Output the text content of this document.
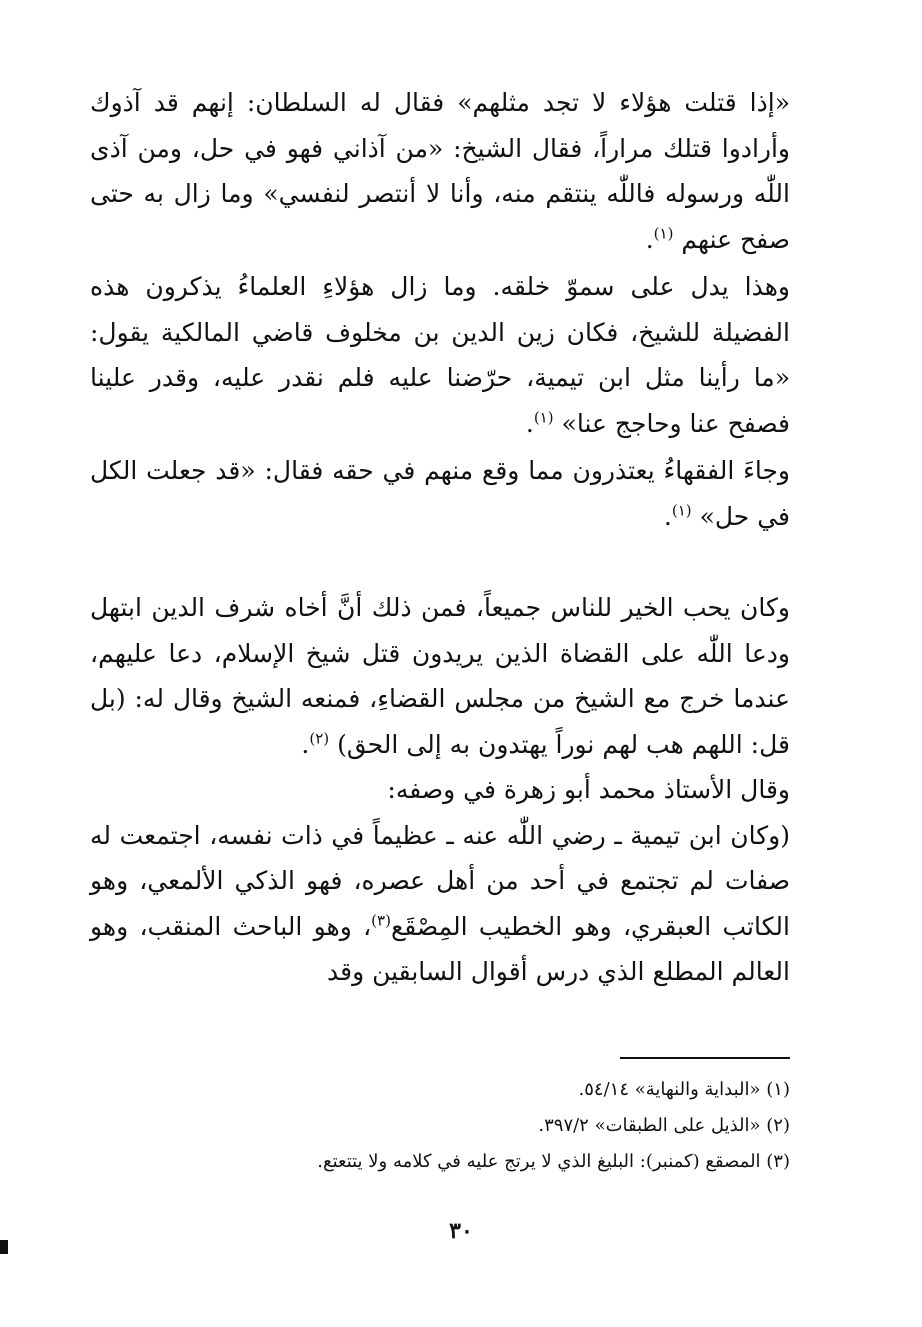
«إذا قتلت هؤلاء لا تجد مثلهم» فقال له السلطان: إنهم قد آذوك وأرادوا قتلك مراراً، فقال الشيخ: «من آذاني فهو في حل، ومن آذى اللّٰه ورسوله فاللّٰه ينتقم منه، وأنا لا أنتصر لنفسي» وما زال به حتى صفح عنهم $^{(١)}$.

وهذا يدل على سموّ خلقه. وما زال هؤلاءِ العلماءُ يذكرون هذه الفضيلة للشيخ، فكان زين الدين بن مخلوف قاضي المالكية يقول: «ما رأينا مثل ابن تيمية، حرّضنا عليه فلم نقدر عليه، وقدر علينا فصفح عنا وحاجج عنا» $^{(١)}$.

وجاءَ الفقهاءُ يعتذرون مما وقع منهم في حقه فقال: «قد جعلت الكل في حل» $^{(١)}$.

وكان يحب الخير للناس جميعاً، فمن ذلك أنَّ أخاه شرف الدين ابتهل ودعا اللّٰه على القضاة الذين يريدون قتل شيخ الإسلام، دعا عليهم، عندما خرج مع الشيخ من مجلس القضاءِ، فمنعه الشيخ وقال له: (بل قل: اللهم هب لهم نوراً يهتدون به إلى الحق) $^{(٢)}$.

وقال الأستاذ محمد أبو زهرة في وصفه:

(وكان ابن تيمية ـ رضي اللّٰه عنه ـ عظيماً في ذات نفسه، اجتمعت له صفات لم تجتمع في أحد من أهل عصره، فهو الذكي الألمعي، وهو الكاتب العبقري، وهو الخطيب المِصْقَع$^{(٣)}$، وهو الباحث المنقب، وهو العالم المطلع الذي درس أقوال السابقين وقد

(١) «البداية والنهاية» ٥٤/١٤.

(٢) «الذيل على الطبقات» ٣٩٧/٢.

(٣) المصقع (كمنبر): البليغ الذي لا يرتج عليه في كلامه ولا يتتعتع.

٣٠
